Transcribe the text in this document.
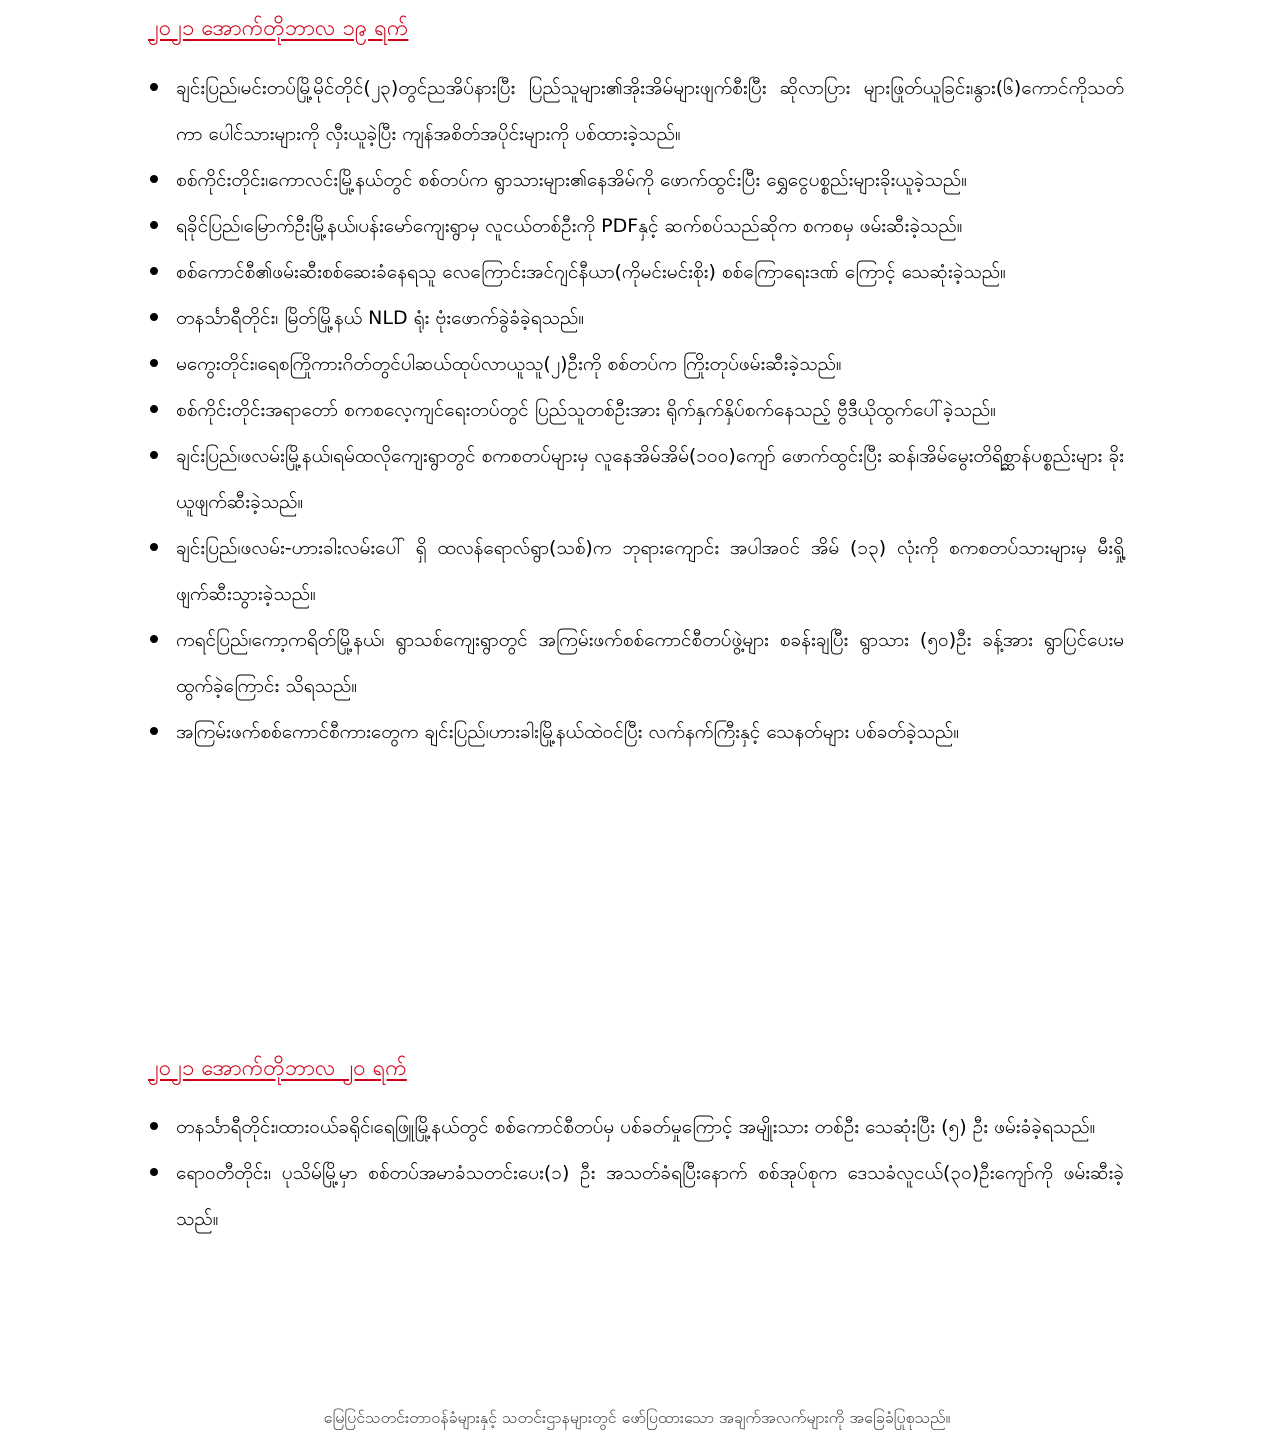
၂၀၂၁ အောက်တိုဘာလ ၁၉ ရက်
ချင်းပြည်၊မင်းတပ်မြို့မိုင်တိုင်(၂၃)တွင်ညအိပ်နားပြီး ပြည်သူများ၏အိုးအိမ်များဖျက်စီးပြီး ဆိုလာပြား များဖြုတ်ယူခြင်း၊နွား(၆)ကောင်ကိုသတ်ကာ ပေါင်သားများကို လှီးယူခဲ့ပြီး ကျန်အစိတ်အပိုင်းများကို ပစ်ထားခဲ့သည်။
စစ်ကိုင်းတိုင်း၊ကောလင်းမြို့နယ်တွင် စစ်တပ်က ရွာသားများ၏နေအိမ်ကို ဖောက်ထွင်းပြီး ရွှေငွေပစ္စည်းများခိုးယူခဲ့သည်။
ရခိုင်ပြည်၊မြောက်ဦးမြို့နယ်၊ပန်းမော်ကျေးရွာမှ လူငယ်တစ်ဦးကို PDFနှင့် ဆက်စပ်သည်ဆိုက စကစမှ ဖမ်းဆီးခဲ့သည်။
စစ်ကောင်စီ၏ဖမ်းဆီးစစ်ဆေးခံနေရသူ လေကြောင်းအင်ဂျင်နီယာ(ကိုမင်းမင်းစိုး) စစ်ကြောရေးဒဏ် ကြောင့် သေဆုံးခဲ့သည်။
တနင်္သာရီတိုင်း၊ မြိတ်မြို့နယ် NLD ရုံး ဗုံးဖောက်ခွဲခံခဲ့ရသည်။
မကွေးတိုင်း၊ရေစကြိုကားဂိတ်တွင်ပါဆယ်ထုပ်လာယူသူ(၂)ဦးကို စစ်တပ်က ကြိုးတုပ်ဖမ်းဆီးခဲ့သည်။
စစ်ကိုင်းတိုင်းအရာတော် စကစလေ့ကျင်ရေးတပ်တွင် ပြည်သူတစ်ဦးအား ရိုက်နှက်နှိပ်စက်နေသည့် ဗွီဒီယိုထွက်ပေါ်ခဲ့သည်။
ချင်းပြည်၊ဖလမ်းမြို့နယ်၊ရမ်ထလိုကျေးရွာတွင် စကစတပ်များမှ လူနေအိမ်အိမ်(၁၀၀)ကျော် ဖောက်ထွင်းပြီး ဆန်၊အိမ်မွေးတိရိစ္ဆာန်ပစ္စည်းများ ခိုးယူဖျက်ဆီးခဲ့သည်။
ချင်းပြည်၊ဖလမ်း-ဟားခါးလမ်းပေါ် ရှိ ထလန်ရောလ်ရွာ(သစ်)က ဘုရားကျောင်း အပါအဝင် အိမ် (၁၃) လုံးကို စကစတပ်သားများမှ မီးရှို့ဖျက်ဆီးသွားခဲ့သည်။
ကရင်ပြည်၊ကော့ကရိတ်မြို့နယ်၊ ရွာသစ်ကျေးရွာတွင် အကြမ်းဖက်စစ်ကောင်စီတပ်ဖွဲ့များ စခန်းချပြီး ရွာသား (၅၀)ဦး ခန့်အား ရွာပြင်ပေးမထွက်ခဲ့ကြောင်း သိရသည်။
အကြမ်းဖက်စစ်ကောင်စီကားတွေက ချင်းပြည်၊ဟားခါးမြို့နယ်ထဲဝင်ပြီး လက်နက်ကြီးနှင့် သေနတ်များ ပစ်ခတ်ခဲ့သည်။
၂၀၂၁ အောက်တိုဘာလ ၂၀ ရက်
တနင်္သာရီတိုင်း၊ထားဝယ်ခရိုင်၊ရေဖြူမြို့နယ်တွင် စစ်ကောင်စီတပ်မှ ပစ်ခတ်မှုကြောင့် အမျိုးသား တစ်ဦး သေဆုံးပြီး (၅) ဦး ဖမ်းခံခဲ့ရသည်။
ရောဝတီတိုင်း၊ ပုသိမ်မြို့မှာ စစ်တပ်အမာခံသတင်းပေး(၁) ဦး အသတ်ခံရပြီးနောက် စစ်အုပ်စုက ဒေသခံလူငယ်(၃၀)ဦးကျော်ကို ဖမ်းဆီးခဲ့သည်။
မြေပြင်သတင်းတာဝန်ခံများနှင့် သတင်းဌာနများတွင် ဖော်ပြထားသော အချက်အလက်များကို အခြေခံပြုစုသည်။
